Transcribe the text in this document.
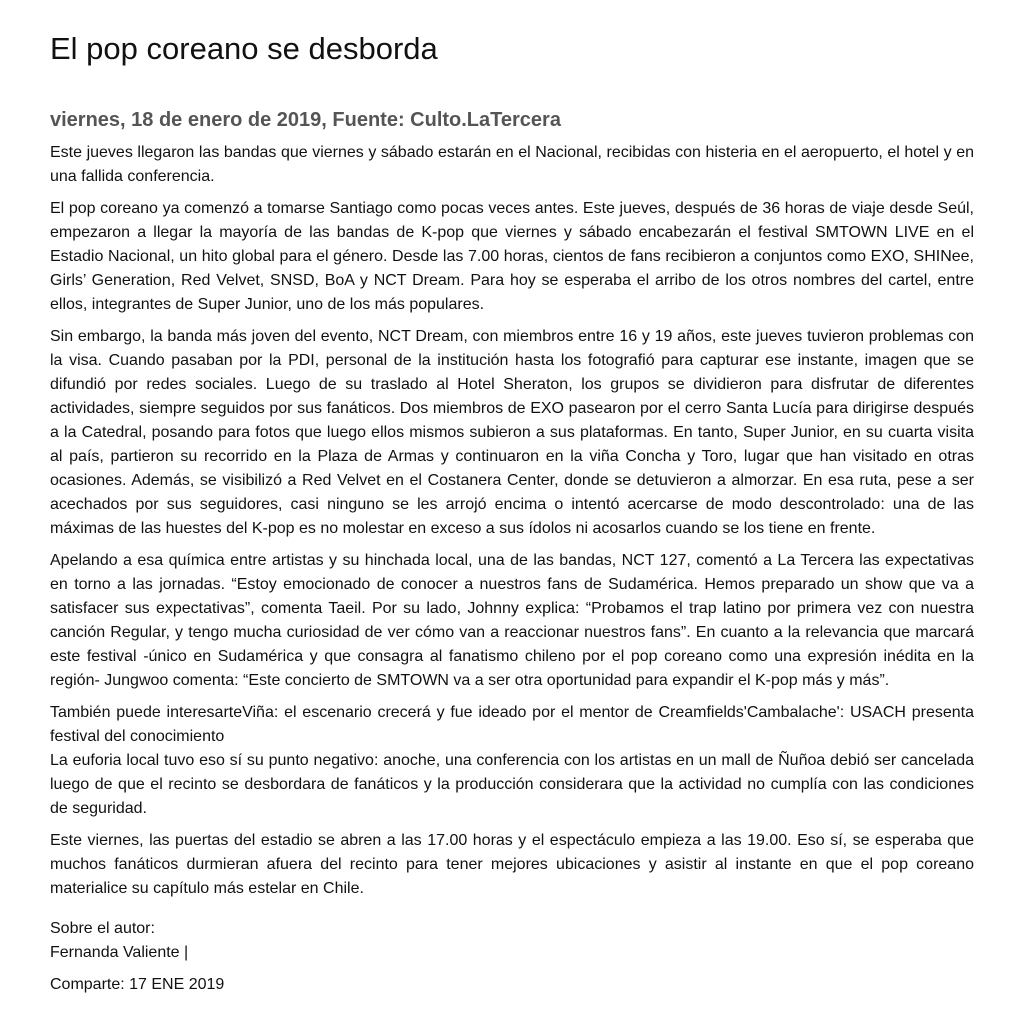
El pop coreano se desborda
viernes, 18 de enero de 2019, Fuente: Culto.LaTercera

Este jueves llegaron las bandas que viernes y sábado estarán en el Nacional, recibidas con histeria en el aeropuerto, el hotel y en una fallida conferencia.

El pop coreano ya comenzó a tomarse Santiago como pocas veces antes. Este jueves, después de 36 horas de viaje desde Seúl, empezaron a llegar la mayoría de las bandas de K-pop que viernes y sábado encabezarán el festival SMTOWN LIVE en el Estadio Nacional, un hito global para el género. Desde las 7.00 horas, cientos de fans recibieron a conjuntos como EXO, SHINee, Girls’ Generation, Red Velvet, SNSD, BoA y NCT Dream. Para hoy se esperaba el arribo de los otros nombres del cartel, entre ellos, integrantes de Super Junior, uno de los más populares.

Sin embargo, la banda más joven del evento, NCT Dream, con miembros entre 16 y 19 años, este jueves tuvieron problemas con la visa. Cuando pasaban por la PDI, personal de la institución hasta los fotografió para capturar ese instante, imagen que se difundió por redes sociales. Luego de su traslado al Hotel Sheraton, los grupos se dividieron para disfrutar de diferentes actividades, siempre seguidos por sus fanáticos. Dos miembros de EXO pasearon por el cerro Santa Lucía para dirigirse después a la Catedral, posando para fotos que luego ellos mismos subieron a sus plataformas. En tanto, Super Junior, en su cuarta visita al país, partieron su recorrido en la Plaza de Armas y continuaron en la viña Concha y Toro, lugar que han visitado en otras ocasiones. Además, se visibilizó a Red Velvet en el Costanera Center, donde se detuvieron a almorzar. En esa ruta, pese a ser acechados por sus seguidores, casi ninguno se les arrojó encima o intentó acercarse de modo descontrolado: una de las máximas de las huestes del K-pop es no molestar en exceso a sus ídolos ni acosarlos cuando se los tiene en frente.

Apelando a esa química entre artistas y su hinchada local, una de las bandas, NCT 127, comentó a La Tercera las expectativas en torno a las jornadas. “Estoy emocionado de conocer a nuestros fans de Sudamérica. Hemos preparado un show que va a satisfacer sus expectativas”, comenta Taeil. Por su lado, Johnny explica: “Probamos el trap latino por primera vez con nuestra canción Regular, y tengo mucha curiosidad de ver cómo van a reaccionar nuestros fans”. En cuanto a la relevancia que marcará este festival -único en Sudamérica y que consagra al fanatismo chileno por el pop coreano como una expresión inédita en la región- Jungwoo comenta: “Este concierto de SMTOWN va a ser otra oportunidad para expandir el K-pop más y más”.

También puede interesarteViña: el escenario crecerá y fue ideado por el mentor de Creamfields'Cambalache': USACH presenta festival del conocimiento

La euforia local tuvo eso sí su punto negativo: anoche, una conferencia con los artistas en un mall de Ñuñoa debió ser cancelada luego de que el recinto se desbordara de fanáticos y la producción considerara que la actividad no cumplía con las condiciones de seguridad.

Este viernes, las puertas del estadio se abren a las 17.00 horas y el espectáculo empieza a las 19.00. Eso sí, se esperaba que muchos fanáticos durmieran afuera del recinto para tener mejores ubicaciones y asistir al instante en que el pop coreano materialice su capítulo más estelar en Chile.

Sobre el autor:
Fernanda Valiente |
Comparte: 17 ENE 2019
